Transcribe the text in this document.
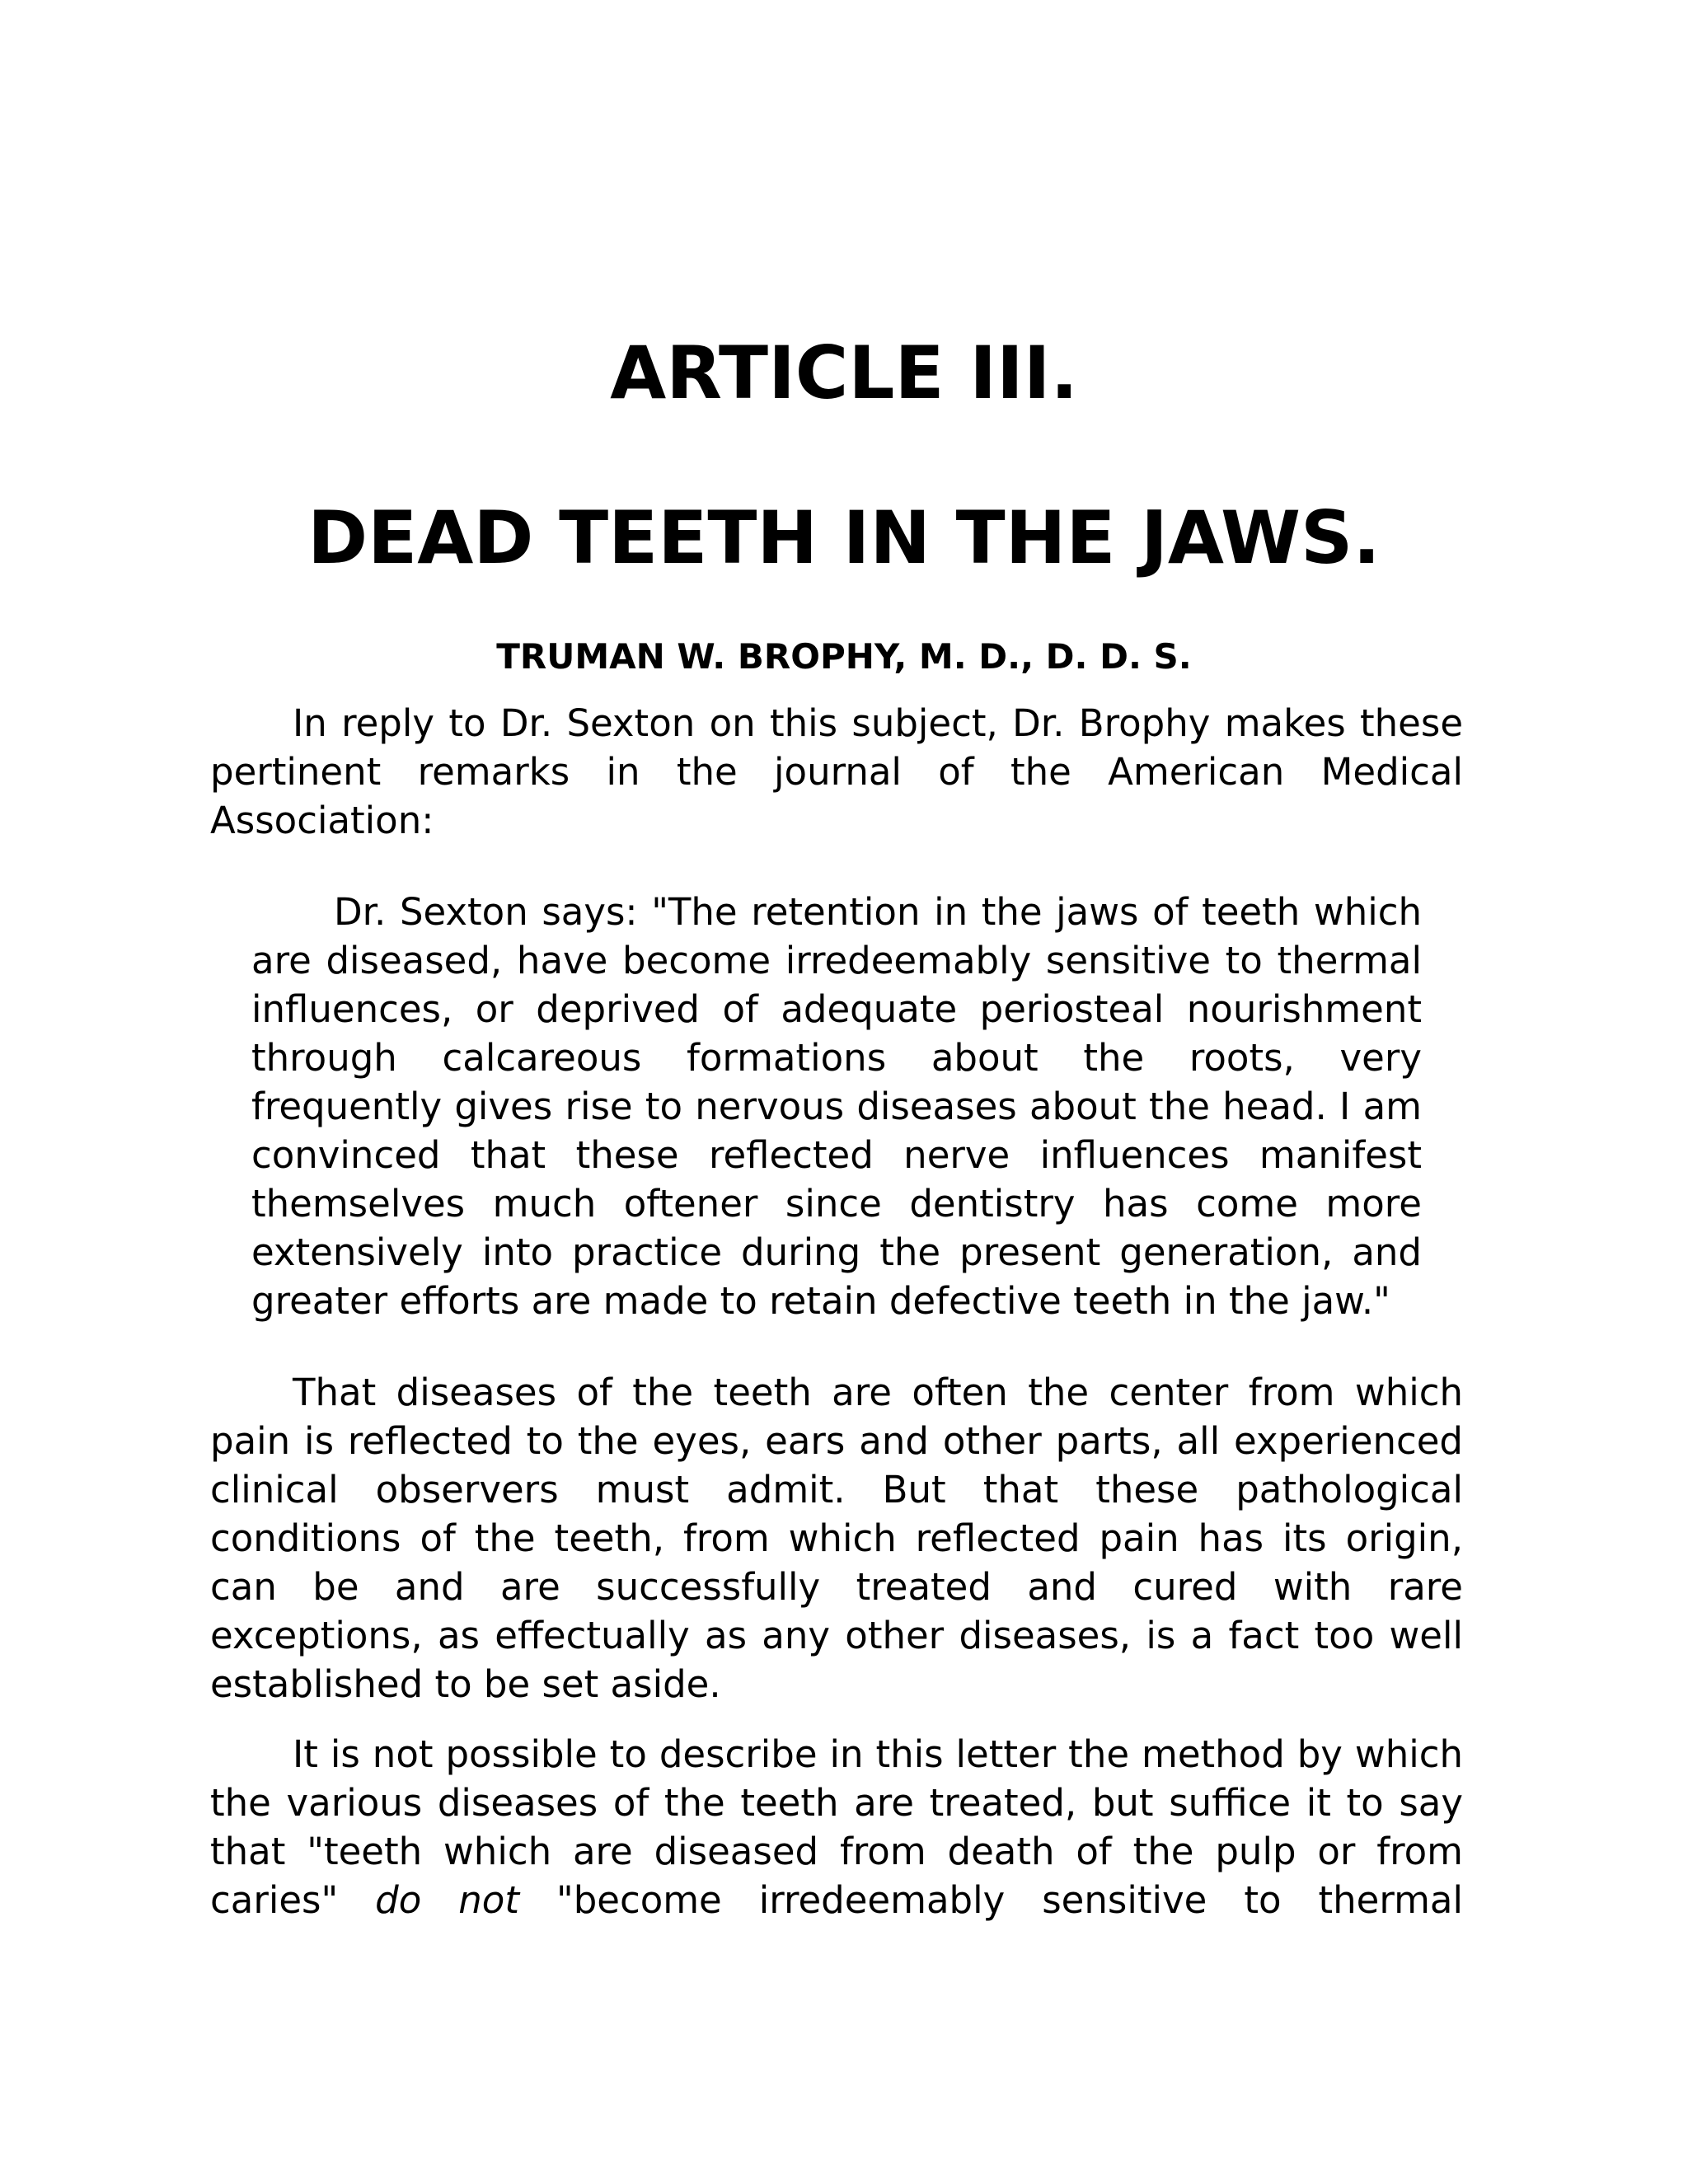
ARTICLE III.
DEAD TEETH IN THE JAWS.
TRUMAN W. BROPHY, M. D., D. D. S.

In reply to Dr. Sexton on this subject, Dr. Brophy makes these pertinent remarks in the journal of the American Medical Association:

Dr. Sexton says: "The retention in the jaws of teeth which are diseased, have become irredeemably sensitive to thermal influences, or deprived of adequate periosteal nourishment through calcareous formations about the roots, very frequently gives rise to nervous diseases about the head. I am convinced that these reflected nerve influences manifest themselves much oftener since dentistry has come more extensively into practice during the present generation, and greater efforts are made to retain defective teeth in the jaw."

That diseases of the teeth are often the center from which pain is reflected to the eyes, ears and other parts, all experienced clinical observers must admit. But that these pathological conditions of the teeth, from which reflected pain has its origin, can be and are successfully treated and cured with rare exceptions, as effectually as any other diseases, is a fact too well established to be set aside.

It is not possible to describe in this letter the method by which the various diseases of the teeth are treated, but suffice it to say that "teeth which are diseased from death of the pulp or from caries" do not "become irredeemably sensitive to thermal
